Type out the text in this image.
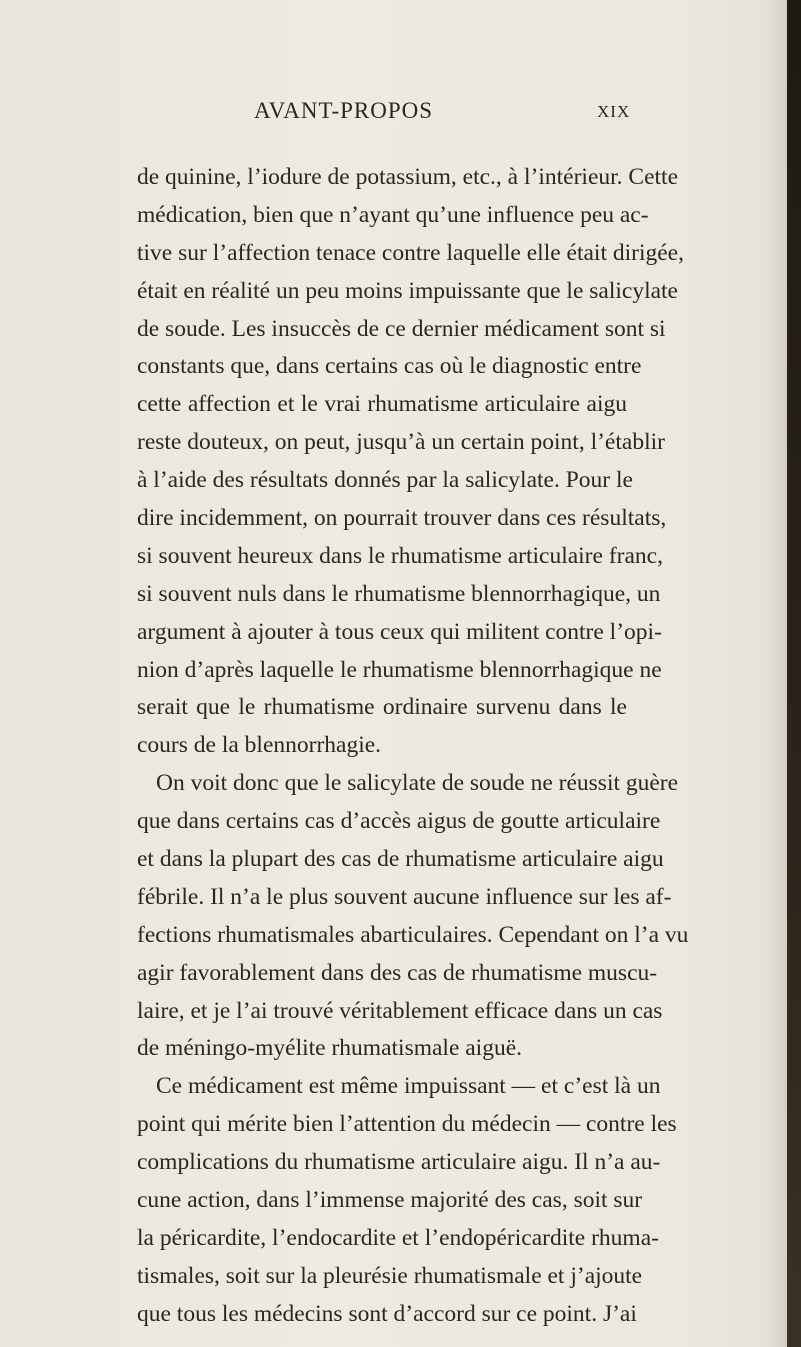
AVANT-PROPOS	XIX
de quinine, l’iodure de potassium, etc., à l’intérieur. Cette
médication, bien que n’ayant qu’une influence peu ac-
tive sur l’affection tenace contre laquelle elle était dirigée,
était en réalité un peu moins impuissante que le salicylate
de soude. Les insuccès de ce dernier médicament sont si
constants que, dans certains cas où le diagnostic entre
cette affection et le vrai rhumatisme articulaire aigu
reste douteux, on peut, jusqu’à un certain point, l’établir
à l’aide des résultats donnés par la salicylate. Pour le
dire incidemment, on pourrait trouver dans ces résultats,
si souvent heureux dans le rhumatisme articulaire franc,
si souvent nuls dans le rhumatisme blennorrhagique, un
argument à ajouter à tous ceux qui militent contre l’opi-
nion d’après laquelle le rhumatisme blennorrhagique ne
serait que le rhumatisme ordinaire survenu dans le
cours de la blennorrhagie.
On voit donc que le salicylate de soude ne réussit guère
que dans certains cas d’accès aigus de goutte articulaire
et dans la plupart des cas de rhumatisme articulaire aigu
fébrile. Il n’a le plus souvent aucune influence sur les af-
fections rhumatismales abarticulaires. Cependant on l’a vu
agir favorablement dans des cas de rhumatisme muscu-
laire, et je l’ai trouvé véritablement efficace dans un cas
de méningo-myélite rhumatismale aiguë.
Ce médicament est même impuissant — et c’est là un
point qui mérite bien l’attention du médecin — contre les
complications du rhumatisme articulaire aigu. Il n’a au-
cune action, dans l’immense majorité des cas, soit sur
la péricardite, l’endocardite et l’endopéricardite rhuma-
tismales, soit sur la pleurésie rhumatismale et j’ajoute
que tous les médecins sont d’accord sur ce point. J’ai
